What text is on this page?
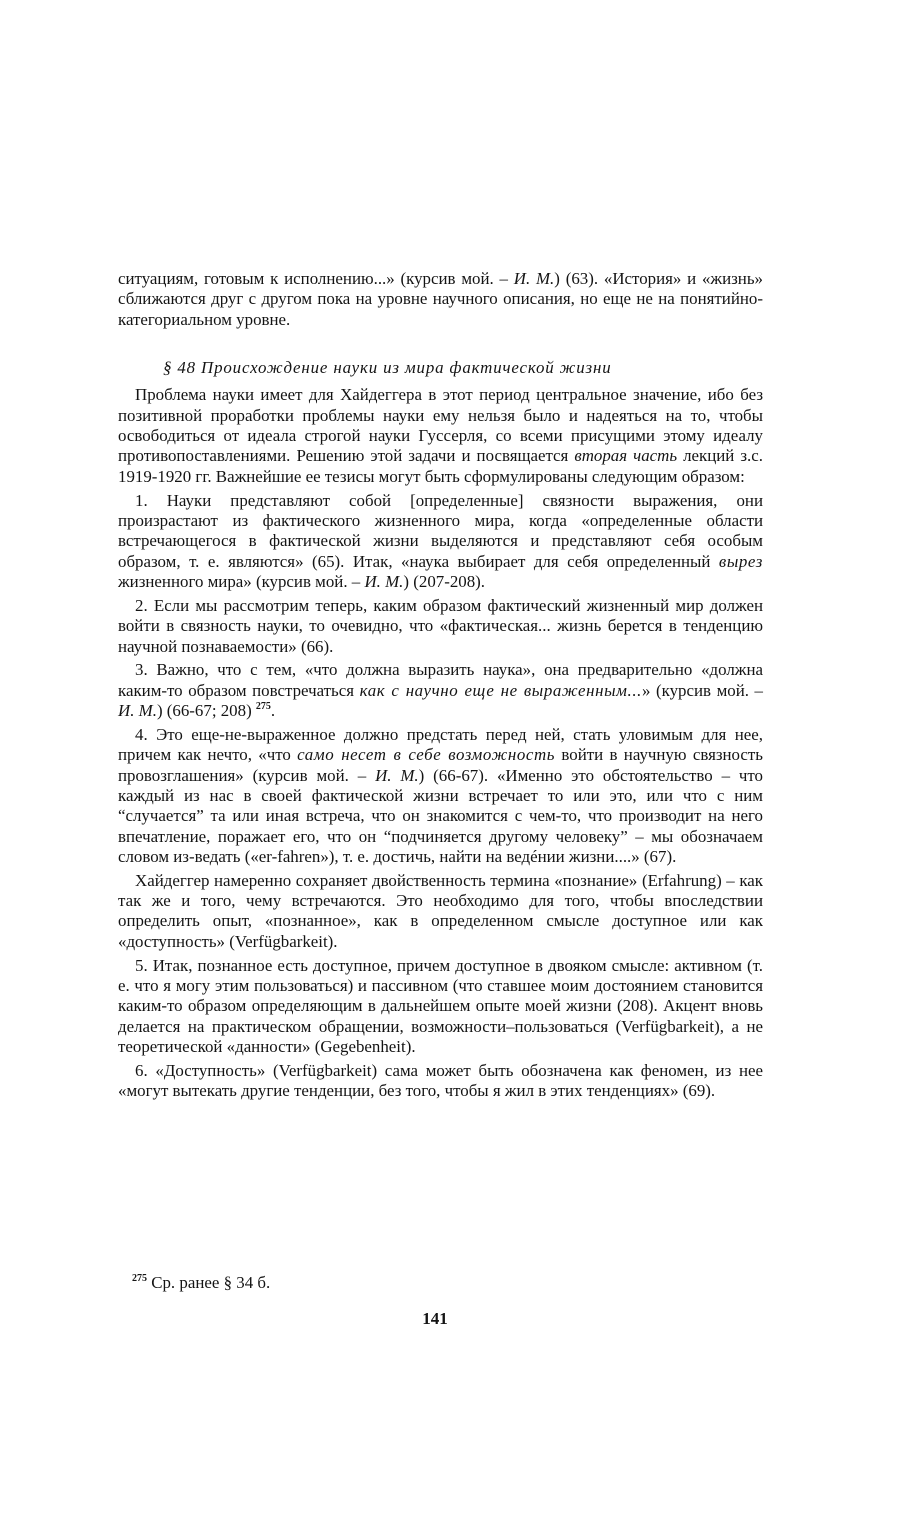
ситуациям, готовым к исполнению...» (курсив мой. – И. М.) (63). «История» и «жизнь» сближаются друг с другом пока на уровне научного описания, но еще не на понятийно-категориальном уровне.

§ 48 Происхождение науки из мира фактической жизни

Проблема науки имеет для Хайдеггера в этот период центральное значение, ибо без позитивной проработки проблемы науки ему нельзя было и надеяться на то, чтобы освободиться от идеала строгой науки Гуссерля, со всеми присущими этому идеалу противопоставлениями. Решению этой задачи и посвящается вторая часть лекций з.с. 1919-1920 гг. Важнейшие ее тезисы могут быть сформулированы следующим образом:

1. Науки представляют собой [определенные] связности выражения, они произрастают из фактического жизненного мира, когда «определенные области встречающегося в фактической жизни выделяются и представляют себя особым образом, т. е. являются» (65). Итак, «наука выбирает для себя определенный вырез жизненного мира» (курсив мой. – И. М.) (207-208).

2. Если мы рассмотрим теперь, каким образом фактический жизненный мир должен войти в связность науки, то очевидно, что «фактическая... жизнь берется в тенденцию научной познаваемости» (66).

3. Важно, что с тем, «что должна выразить наука», она предварительно «должна каким-то образом повстречаться как с научно еще не выраженным...» (курсив мой. – И. М.) (66-67; 208) $^{275}$.

4. Это еще-не-выраженное должно предстать перед ней, стать уловимым для нее, причем как нечто, «что само несет в себе возможность войти в научную связность провозглашения» (курсив мой. – И. М.) (66-67). «Именно это обстоятельство – что каждый из нас в своей фактической жизни встречает то или это, или что с ним “случается” та или иная встреча, что он знакомится с чем-то, что производит на него впечатление, поражает его, что он “подчиняется другому человеку” – мы обозначаем словом из-ведать («er-fahren»), т. е. достичь, найти на ведéнии жизни....» (67).

Хайдеггер намеренно сохраняет двойственность термина «познание» (Erfahrung) – как так же и того, чему встречаются. Это необходимо для того, чтобы впоследствии определить опыт, «познанное», как в определенном смысле доступное или как «доступность» (Verfügbarkeit).

5. Итак, познанное есть доступное, причем доступное в двояком смысле: активном (т. е. что я могу этим пользоваться) и пассивном (что ставшее моим достоянием становится каким-то образом определяющим в дальнейшем опыте моей жизни (208). Акцент вновь делается на практическом обращении, возможности–пользоваться (Verfügbarkeit), а не теоретической «данности» (Gegebenheit).

6. «Доступность» (Verfügbarkeit) сама может быть обозначена как феномен, из нее «могут вытекать другие тенденции, без того, чтобы я жил в этих тенденциях» (69).

$^{275}$ Ср. ранее § 34 б.
141
